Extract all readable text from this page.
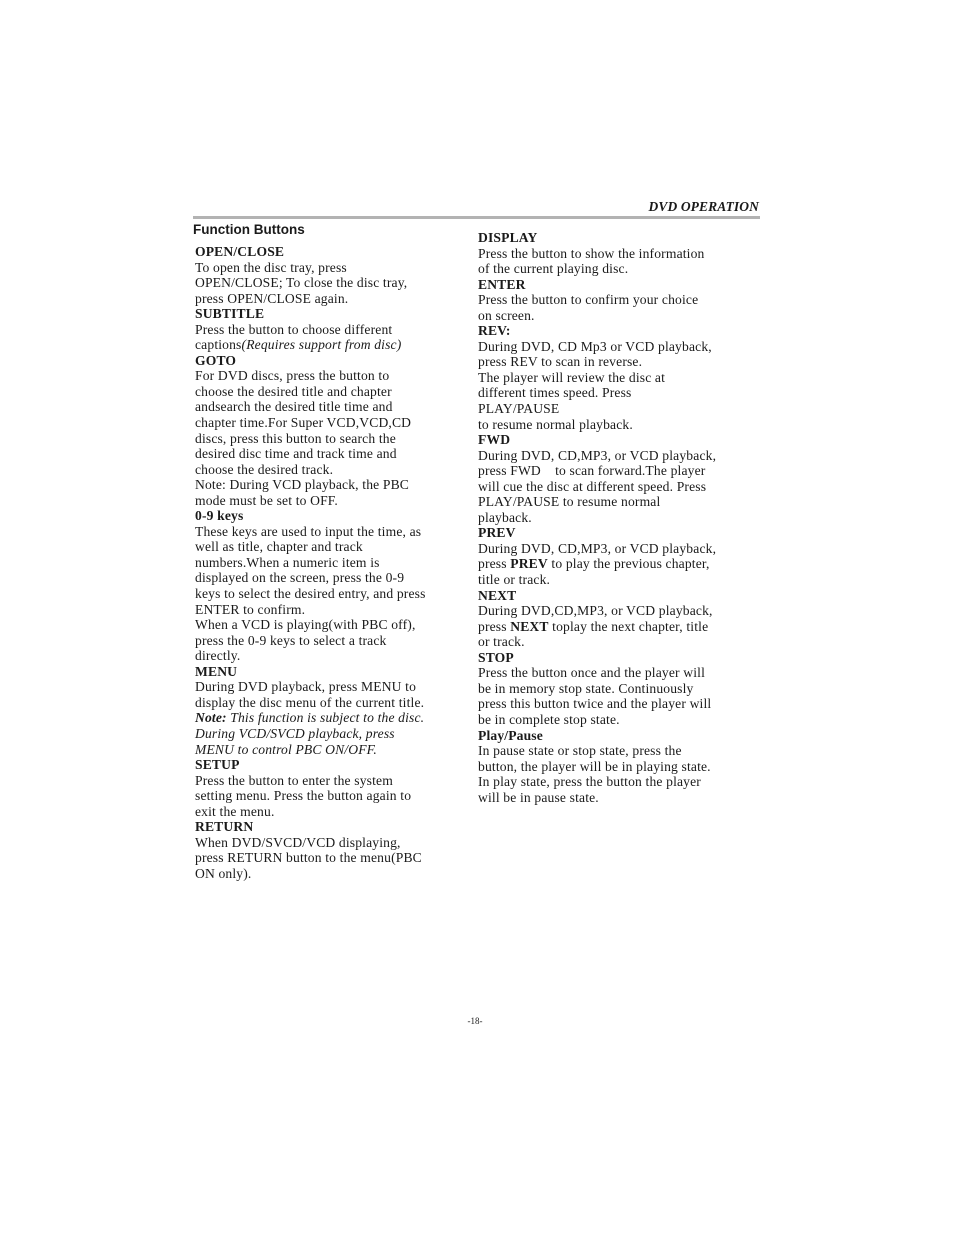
DVD OPERATION
Function Buttons
OPEN/CLOSE
To open the disc tray, press
OPEN/CLOSE; To close the disc tray,
press OPEN/CLOSE again.
SUBTITLE
Press the button to choose different
captions(Requires support from disc)
GOTO
For DVD discs, press the button to
choose the desired title and chapter
andsearch the desired title time and
chapter time.For Super VCD,VCD,CD
discs, press this button to search the
desired disc time and track time and
choose the desired track.
Note: During VCD playback, the PBC
mode must be set to OFF.
0-9 keys
These keys are used to input the time, as
well as title, chapter and track
numbers.When a numeric item is
displayed on the screen, press the 0-9
keys to select the desired entry, and press
ENTER to confirm.
When a VCD is playing(with PBC off),
press the 0-9 keys to select a track
directly.
MENU
During DVD playback, press MENU to
display the disc menu of the current title.
Note: This function is subject to the disc.
During VCD/SVCD playback, press
MENU to control PBC ON/OFF.
SETUP
Press the button to enter the system
setting menu. Press the button again to
exit the menu.
RETURN
When DVD/SVCD/VCD displaying,
press RETURN button to the menu(PBC
ON only).
DISPLAY
Press the button to show the information
of the current playing disc.
ENTER
Press the button to confirm your choice
on screen.
REV:
During DVD, CD Mp3 or VCD playback,
press REV to scan in reverse.
The player will review the disc at
different times speed. Press
PLAY/PAUSE
to resume normal playback.
FWD
During DVD, CD,MP3, or VCD playback,
press FWD    to scan forward.The player
will cue the disc at different speed. Press
PLAY/PAUSE to resume normal
playback.
PREV
During DVD, CD,MP3, or VCD playback,
press PREV to play the previous chapter,
title or track.
NEXT
During DVD,CD,MP3, or VCD playback,
press NEXT toplay the next chapter, title
or track.
STOP
Press the button once and the player will
be in memory stop state. Continuously
press this button twice and the player will
be in complete stop state.
Play/Pause
In pause state or stop state, press the
button, the player will be in playing state.
In play state, press the button the player
will be in pause state.
-18-
